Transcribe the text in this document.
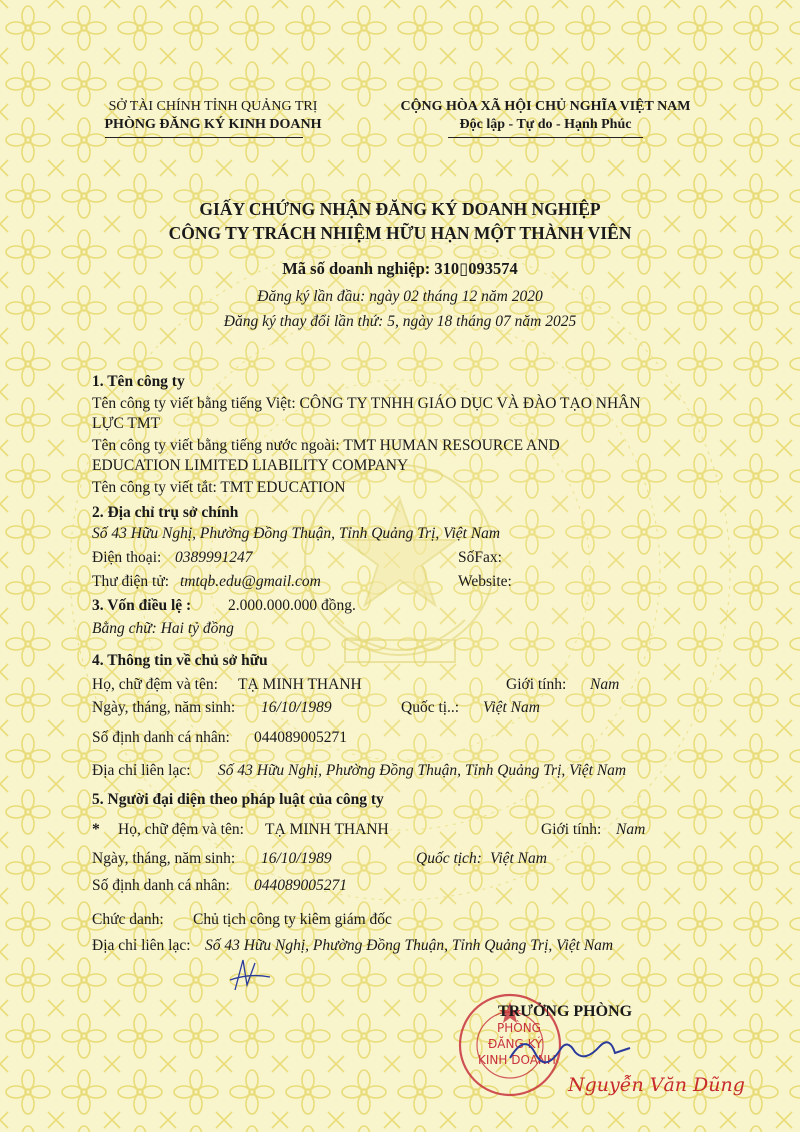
SỞ TÀI CHÍNH TỈNH QUẢNG TRỊ
PHÒNG ĐĂNG KÝ KINH DOANH
CỘNG HÒA XÃ HỘI CHỦ NGHĨA VIỆT NAM
Độc lập - Tự do - Hạnh Phúc
GIẤY CHỨNG NHẬN ĐĂNG KÝ DOANH NGHIỆP
CÔNG TY TRÁCH NHIỆM HỮU HẠN MỘT THÀNH VIÊN
Mã số doanh nghiệp: 310▯093574
Đăng ký lần đầu: ngày 02 tháng 12 năm 2020
Đăng ký thay đổi lần thứ: 5, ngày 18 tháng 07 năm 2025
1. Tên công ty
Tên công ty viết bằng tiếng Việt: CÔNG TY TNHH GIÁO DỤC VÀ ĐÀO TẠO NHÂN
LỰC TMT
Tên công ty viết bằng tiếng nước ngoài: TMT HUMAN RESOURCE AND
EDUCATION LIMITED LIABILITY COMPANY
Tên công ty viết tắt: TMT EDUCATION
2. Địa chỉ trụ sở chính
Số 43 Hữu Nghị, Phường Đồng Thuận, Tỉnh Quảng Trị, Việt Nam
Điện thoại: 0389991247	SốFax:
Thư điện tử: tmtqb.edu@gmail.com	Website:
3. Vốn điều lệ : 2.000.000.000 đồng.
Bằng chữ: Hai tỷ đồng
4. Thông tin về chủ sở hữu
Họ, chữ đệm và tên: TẠ MINH THANH	Giới tính: Nam
Ngày, tháng, năm sinh: 16/10/1989	Quốc tị..: Việt Nam
Số định danh cá nhân: 044089005271
Địa chỉ liên lạc: Số 43 Hữu Nghị, Phường Đồng Thuận, Tỉnh Quảng Trị, Việt Nam
5. Người đại diện theo pháp luật của công ty
* Họ, chữ đệm và tên: TẠ MINH THANH	Giới tính: Nam
Ngày, tháng, năm sinh: 16/10/1989	Quốc tịch: Việt Nam
Số định danh cá nhân: 044089005271
Chức danh: Chủ tịch công ty kiêm giám đốc
Địa chỉ liên lạc: Số 43 Hữu Nghị, Phường Đồng Thuận, Tỉnh Quảng Trị, Việt Nam
PHÒNG
ĐĂNG KÝ
KINH DOANH
TRƯỞNG PHÒNG
Nguyễn Văn Dũng
